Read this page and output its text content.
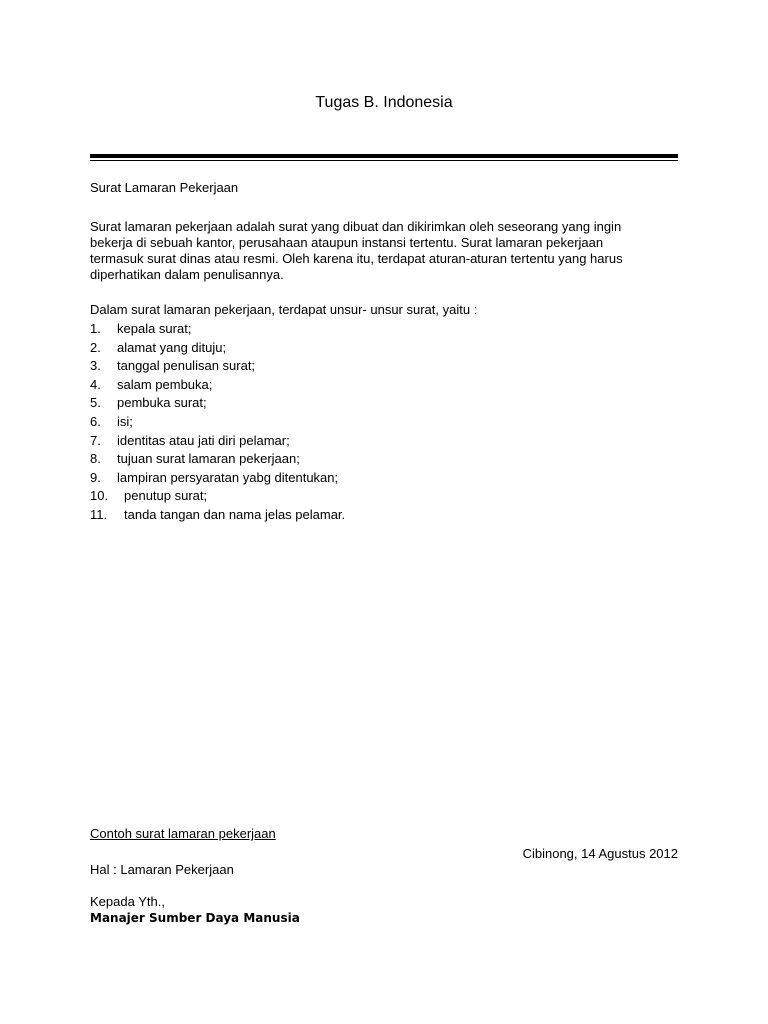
Tugas B. Indonesia
Surat Lamaran Pekerjaan
Surat lamaran pekerjaan adalah surat yang dibuat dan dikirimkan oleh seseorang yang ingin
bekerja di sebuah kantor, perusahaan ataupun instansi tertentu. Surat lamaran pekerjaan
termasuk surat dinas atau resmi. Oleh karena itu, terdapat aturan-aturan tertentu yang harus
diperhatikan dalam penulisannya.
Dalam surat lamaran pekerjaan, terdapat unsur- unsur surat, yaitu :
1. kepala surat;
2. alamat yang dituju;
3. tanggal penulisan surat;
4. salam pembuka;
5. pembuka surat;
6. isi;
7. identitas atau jati diri pelamar;
8. tujuan surat lamaran pekerjaan;
9. lampiran persyaratan yabg ditentukan;
10. penutup surat;
11. tanda tangan dan nama jelas pelamar.
Contoh surat lamaran pekerjaan
Cibinong, 14 Agustus 2012
Hal : Lamaran Pekerjaan
Kepada Yth.,
Manajer Sumber Daya Manusia
